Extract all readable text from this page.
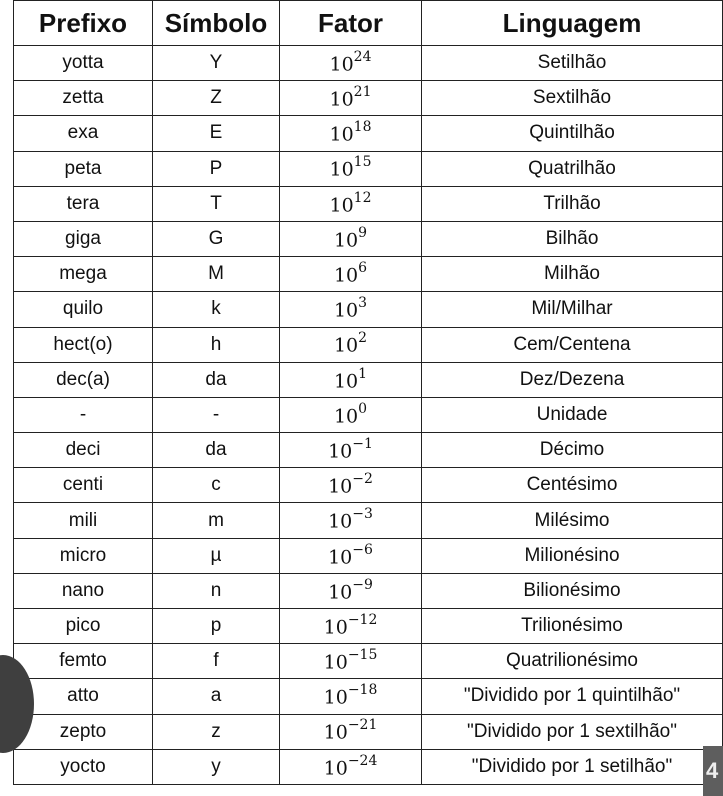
Prefixo	Símbolo	Fator	Linguagem
yotta	Y	$10^{24}$	Setilhão
zetta	Z	$10^{21}$	Sextilhão
exa	E	$10^{18}$	Quintilhão
peta	P	$10^{15}$	Quatrilhão
tera	T	$10^{12}$	Trilhão
giga	G	$10^9$	Bilhão
mega	M	$10^6$	Milhão
quilo	k	$10^3$	Mil/Milhar
hect(o)	h	$10^2$	Cem/Centena
dec(a)	da	$10^1$	Dez/Dezena
-	-	$10^0$	Unidade
deci	da	$10^{-1}$	Décimo
centi	c	$10^{-2}$	Centésimo
mili	m	$10^{-3}$	Milésimo
micro	µ	$10^{-6}$	Milionésino
nano	n	$10^{-9}$	Bilionésimo
pico	p	$10^{-12}$	Trilionésimo
femto	f	$10^{-15}$	Quatrilionésimo
atto	a	$10^{-18}$	"Dividido por 1 quintilhão"
zepto	z	$10^{-21}$	"Dividido por 1 sextilhão"
yocto	y	$10^{-24}$	"Dividido por 1 setilhão" 4
